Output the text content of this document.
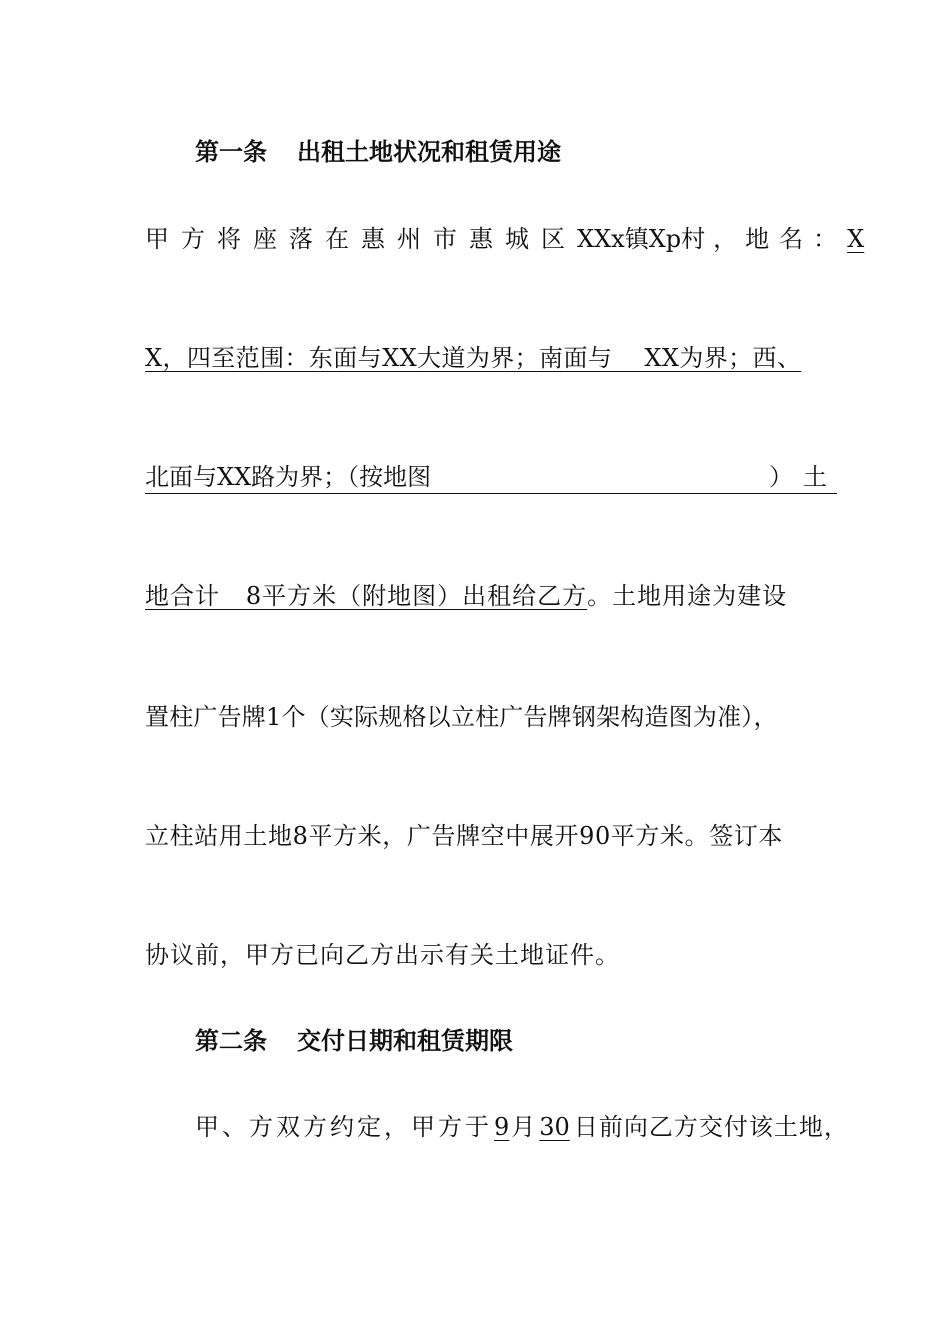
第一条 出租土地状况和租赁用途
甲方将座落在惠州市惠城区 XXx 镇 Xp 村， 地名： X
X，四至范围：东面与XX大道为界；南面与    XX为界；西、
北面与XX路为界；（按地图	）土
地合计   8平方米（附地图）出租给乙方。土地用途为建设
置柱广告牌1个（实际规格以立柱广告牌钢架构造图为准），
立柱站用土地8平方米，广告牌空中展开90平方米。签订本
协议前，甲方已向乙方出示有关土地证件。
第二条 交付日期和租赁期限
甲、方双方约定，甲方于9月 30 日前向乙方交付该土地，
